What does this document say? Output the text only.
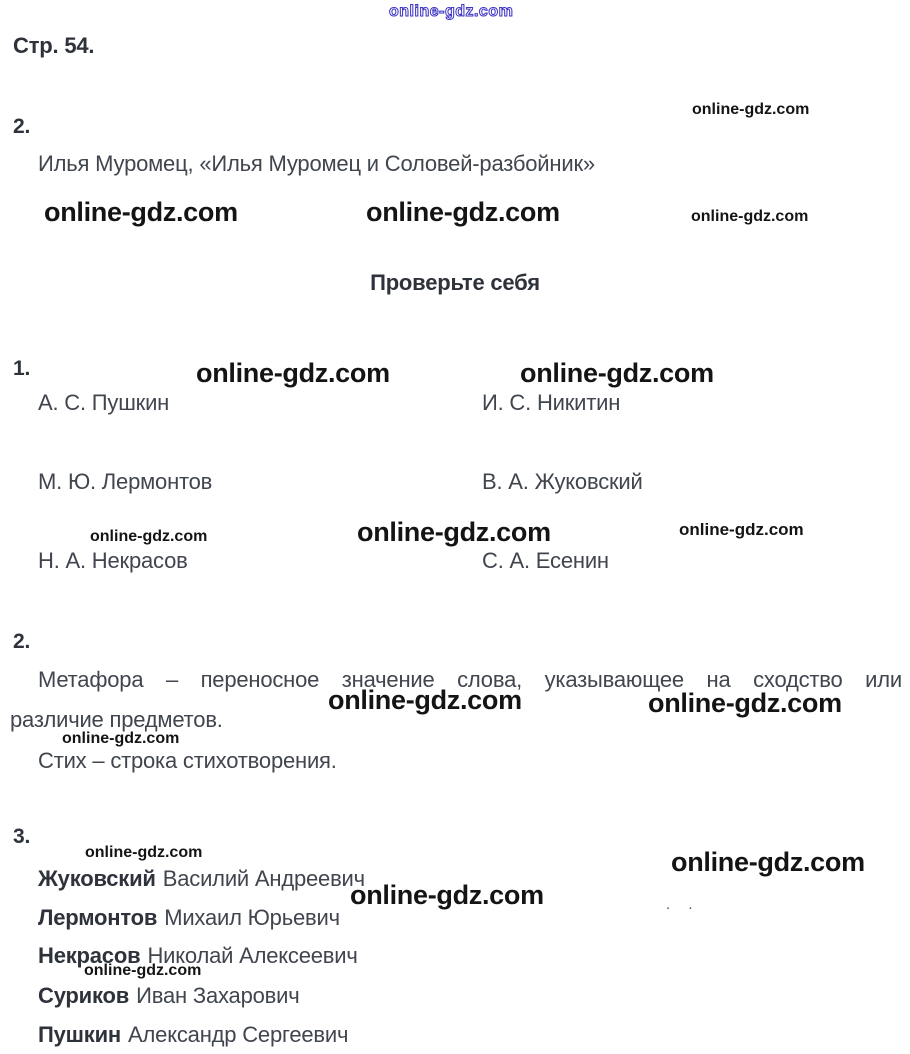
online-gdz.com
online-gdz.com
online-gdz.com	online-gdz.com	online-gdz.com
online-gdz.com	online-gdz.com
online-gdz.com	online-gdz.com	online-gdz.com
online-gdz.com	online-gdz.com
online-gdz.com
online-gdz.com	online-gdz.com
online-gdz.com
online-gdz.com
Стр. 54.
2.
Илья Муромец, «Илья Муромец и Соловей-разбойник»
Проверьте себя
1.
А. С. Пушкин	И. С. Никитин
М. Ю. Лермонтов	В. А. Жуковский
Н. А. Некрасов	С. А. Есенин
2.
Метафора – переносное значение слова, указывающее на сходство или
различие предметов.
Стих – строка стихотворения.
3.
Жуковский Василий Андреевич
Лермонтов Михаил Юрьевич
Некрасов Николай Алексеевич
Суриков Иван Захарович
Пушкин Александр Сергеевич
. .
